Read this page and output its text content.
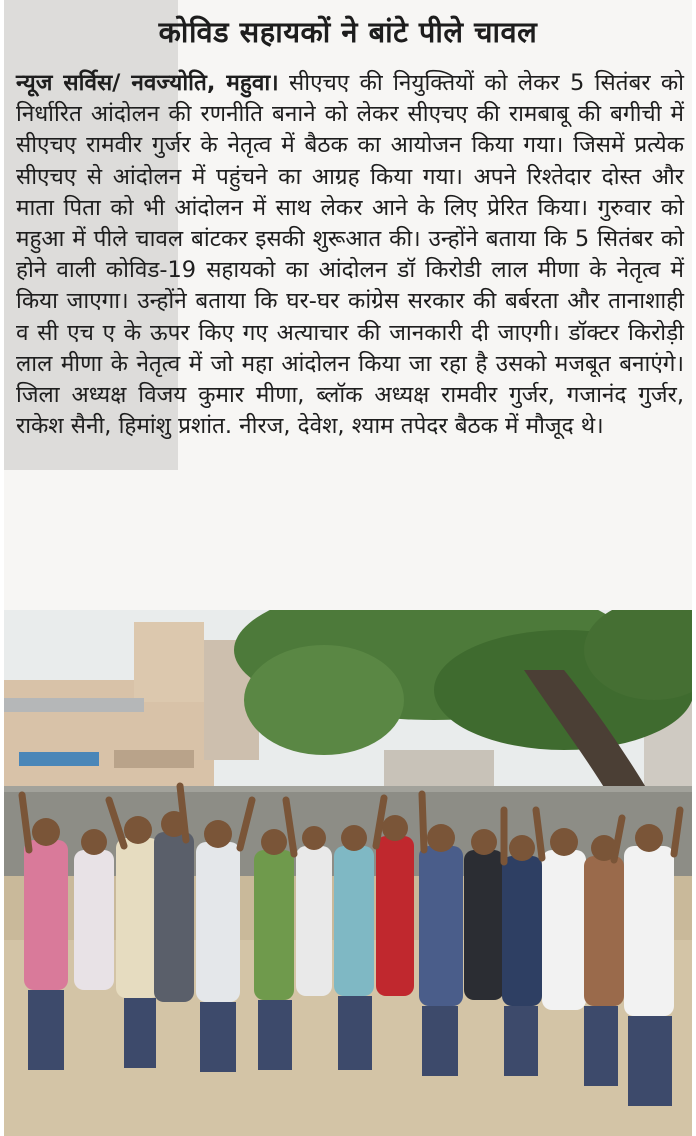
कोविड सहायकों ने बांटे पीले चावल
न्यूज सर्विस/ नवज्योति, महुवा। सीएचए की नियुक्तियों को लेकर 5 सितंबर को निर्धारित आंदोलन की रणनीति बनाने को लेकर सीएचए की रामबाबू की बगीची में सीएचए रामवीर गुर्जर के नेतृत्व में बैठक का आयोजन किया गया। जिसमें प्रत्येक सीएचए से आंदोलन में पहुंचने का आग्रह किया गया। अपने रिश्तेदार दोस्त और माता पिता को भी आंदोलन में साथ लेकर आने के लिए प्रेरित किया। गुरुवार को महुआ में पीले चावल बांटकर इसकी शुरूआत की। उन्होंने बताया कि 5 सितंबर को होने वाली कोविड-19 सहायको का आंदोलन डॉ किरोडी लाल मीणा के नेतृत्व में किया जाएगा। उन्होंने बताया कि घर-घर कांग्रेस सरकार की बर्बरता और तानाशाही व सी एच ए के ऊपर किए गए अत्याचार की जानकारी दी जाएगी। डॉक्टर किरोड़ी लाल मीणा के नेतृत्व में जो महा आंदोलन किया जा रहा है उसको मजबूत बनाएंगे। जिला अध्यक्ष विजय कुमार मीणा, ब्लॉक अध्यक्ष रामवीर गुर्जर, गजानंद गुर्जर, राकेश सैनी, हिमांशु प्रशांत. नीरज, देवेश, श्याम तपेदर बैठक में मौजूद थे।
